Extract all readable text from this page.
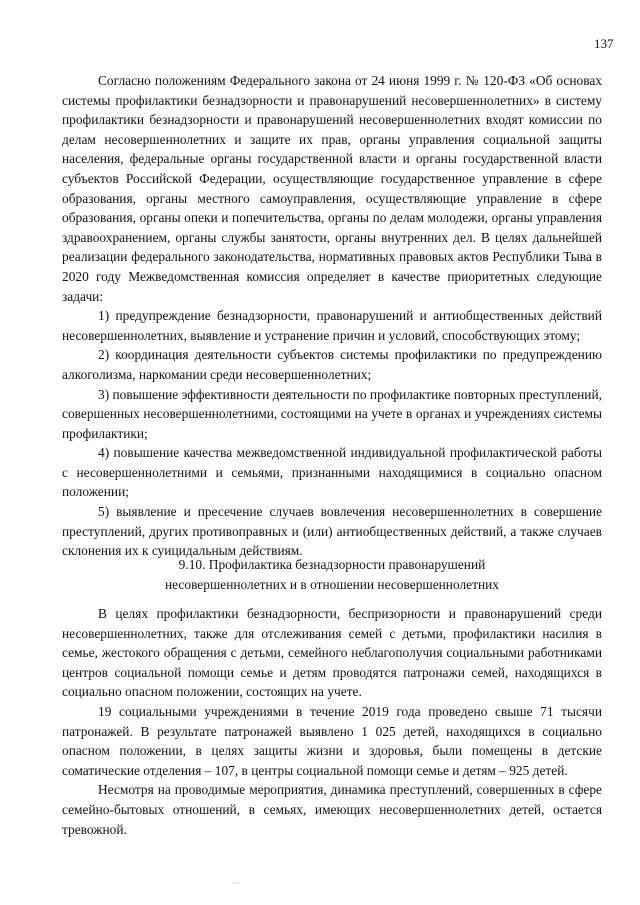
137

Согласно положениям Федерального закона от 24 июня 1999 г. № 120-ФЗ «Об основах системы профилактики безнадзорности и правонарушений несовершеннолетних» в систему профилактики безнадзорности и правонарушений несовершеннолетних входят комиссии по делам несовершеннолетних и защите их прав, органы управления социальной защиты населения, федеральные органы государственной власти и органы государственной власти субъектов Российской Федерации, осуществляющие государственное управление в сфере образования, органы местного самоуправления, осуществляющие управление в сфере образования, органы опеки и попечительства, органы по делам молодежи, органы управления здравоохранением, органы службы занятости, органы внутренних дел. В целях дальнейшей реализации федерального законодательства, нормативных правовых актов Республики Тыва в 2020 году Межведомственная комиссия определяет в качестве приоритетных следующие задачи:

1) предупреждение безнадзорности, правонарушений и антиобщественных действий несовершеннолетних, выявление и устранение причин и условий, способствующих этому;

2) координация деятельности субъектов системы профилактики по предупреждению алкоголизма, наркомании среди несовершеннолетних;

3) повышение эффективности деятельности по профилактике повторных преступлений, совершенных несовершеннолетними, состоящими на учете в органах и учреждениях системы профилактики;

4) повышение качества межведомственной индивидуальной профилактической работы с несовершеннолетними и семьями, признанными находящимися в социально опасном положении;

5) выявление и пресечение случаев вовлечения несовершеннолетних в совершение преступлений, других противоправных и (или) антиобщественных действий, а также случаев склонения их к суицидальным действиям.

9.10. Профилактика безнадзорности правонарушений
несовершеннолетних и в отношении несовершеннолетних

В целях профилактики безнадзорности, беспризорности и правонарушений среди несовершеннолетних, также для отслеживания семей с детьми, профилактики насилия в семье, жестокого обращения с детьми, семейного неблагополучия социальными работниками центров социальной помощи семье и детям проводятся патронажи семей, находящихся в социально опасном положении, состоящих на учете.

19 социальными учреждениями в течение 2019 года проведено свыше 71 тысячи патронажей. В результате патронажей выявлено 1 025 детей, находящихся в социально опасном положении, в целях защиты жизни и здоровья, были помещены в детские соматические отделения – 107, в центры социальной помощи семье и детям – 925 детей.

Несмотря на проводимые мероприятия, динамика преступлений, совершенных в сфере семейно-бытовых отношений, в семьях, имеющих несовершеннолетних детей, остается тревожной.

···
